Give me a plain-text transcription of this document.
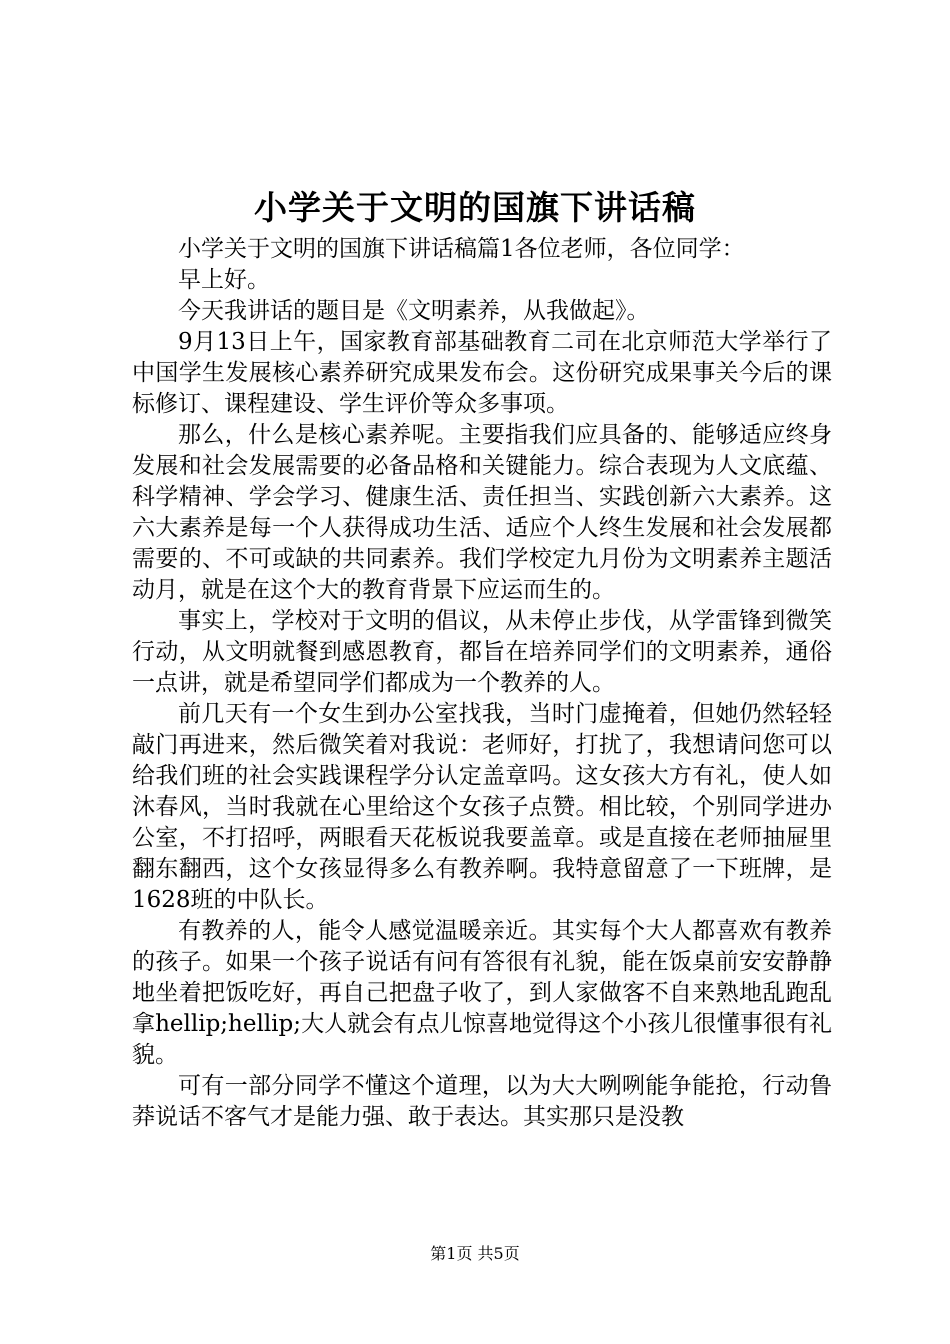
小学关于文明的国旗下讲话稿

小学关于文明的国旗下讲话稿篇1各位老师，各位同学：

早上好。

今天我讲话的题目是《文明素养，从我做起》。

9月13日上午，国家教育部基础教育二司在北京师范大学举行了中国学生发展核心素养研究成果发布会。这份研究成果事关今后的课标修订、课程建设、学生评价等众多事项。

那么，什么是核心素养呢。主要指我们应具备的、能够适应终身发展和社会发展需要的必备品格和关键能力。综合表现为人文底蕴、科学精神、学会学习、健康生活、责任担当、实践创新六大素养。这六大素养是每一个人获得成功生活、适应个人终生发展和社会发展都需要的、不可或缺的共同素养。我们学校定九月份为文明素养主题活动月，就是在这个大的教育背景下应运而生的。

事实上，学校对于文明的倡议，从未停止步伐，从学雷锋到微笑行动，从文明就餐到感恩教育，都旨在培养同学们的文明素养，通俗一点讲，就是希望同学们都成为一个教养的人。

前几天有一个女生到办公室找我，当时门虚掩着，但她仍然轻轻敲门再进来，然后微笑着对我说：老师好，打扰了，我想请问您可以给我们班的社会实践课程学分认定盖章吗。这女孩大方有礼，使人如沐春风，当时我就在心里给这个女孩子点赞。相比较，个别同学进办公室，不打招呼，两眼看天花板说我要盖章。或是直接在老师抽屉里翻东翻西，这个女孩显得多么有教养啊。我特意留意了一下班牌，是1628班的中队长。

有教养的人，能令人感觉温暖亲近。其实每个大人都喜欢有教养的孩子。如果一个孩子说话有问有答很有礼貌，能在饭桌前安安静静地坐着把饭吃好，再自己把盘子收了，到人家做客不自来熟地乱跑乱拿hellip;hellip;大人就会有点儿惊喜地觉得这个小孩儿很懂事很有礼貌。

可有一部分同学不懂这个道理，以为大大咧咧能争能抢，行动鲁莽说话不客气才是能力强、敢于表达。其实那只是没教

第1页 共5页
